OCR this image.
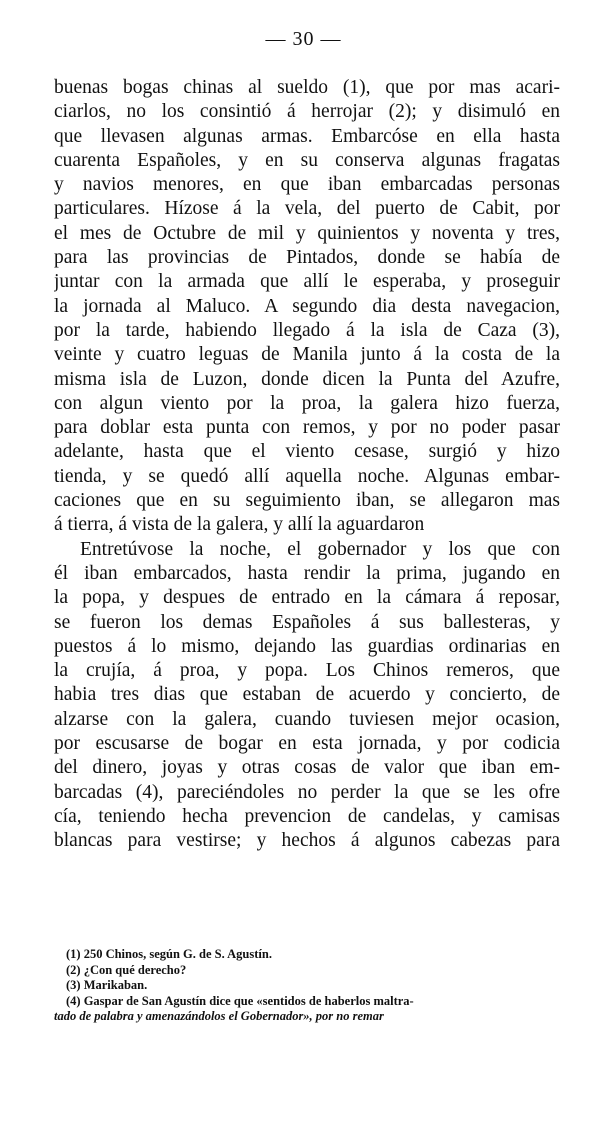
— 30 —
buenas bogas chinas al sueldo (1), que por mas acari-
ciarlos, no los consintió á herrojar (2); y disimuló en
que llevasen algunas armas. Embarcóse en ella hasta
cuarenta Españoles, y en su conserva algunas fragatas
y navios menores, en que iban embarcadas personas
particulares. Hízose á la vela, del puerto de Cabit, por
el mes de Octubre de mil y quinientos y noventa y tres,
para las provincias de Pintados, donde se había de
juntar con la armada que allí le esperaba, y proseguir
la jornada al Maluco. A segundo dia desta navegacion,
por la tarde, habiendo llegado á la isla de Caza (3),
veinte y cuatro leguas de Manila junto á la costa de la
misma isla de Luzon, donde dicen la Punta del Azufre,
con algun viento por la proa, la galera hizo fuerza,
para doblar esta punta con remos, y por no poder pasar
adelante, hasta que el viento cesase, surgió y hizo
tienda, y se quedó allí aquella noche. Algunas embar-
caciones que en su seguimiento iban, se allegaron mas
á tierra, á vista de la galera, y allí la aguardaron
Entretúvose la noche, el gobernador y los que con
él iban embarcados, hasta rendir la prima, jugando en
la popa, y despues de entrado en la cámara á reposar,
se fueron los demas Españoles á sus ballesteras, y
puestos á lo mismo, dejando las guardias ordinarias en
la crujía, á proa, y popa. Los Chinos remeros, que
habia tres dias que estaban de acuerdo y concierto, de
alzarse con la galera, cuando tuviesen mejor ocasion,
por escusarse de bogar en esta jornada, y por codicia
del dinero, joyas y otras cosas de valor que iban em-
barcadas (4), pareciéndoles no perder la que se les ofre
cía, teniendo hecha prevencion de candelas, y camisas
blancas para vestirse; y hechos á algunos cabezas para
(1) 250 Chinos, según G. de S. Agustín.
(2) ¿Con qué derecho?
(3) Marikaban.
(4) Gaspar de San Agustín dice que «sentidos de haberlos maltra-
tado de palabra y amenazándolos el Gobernador», por no remar
